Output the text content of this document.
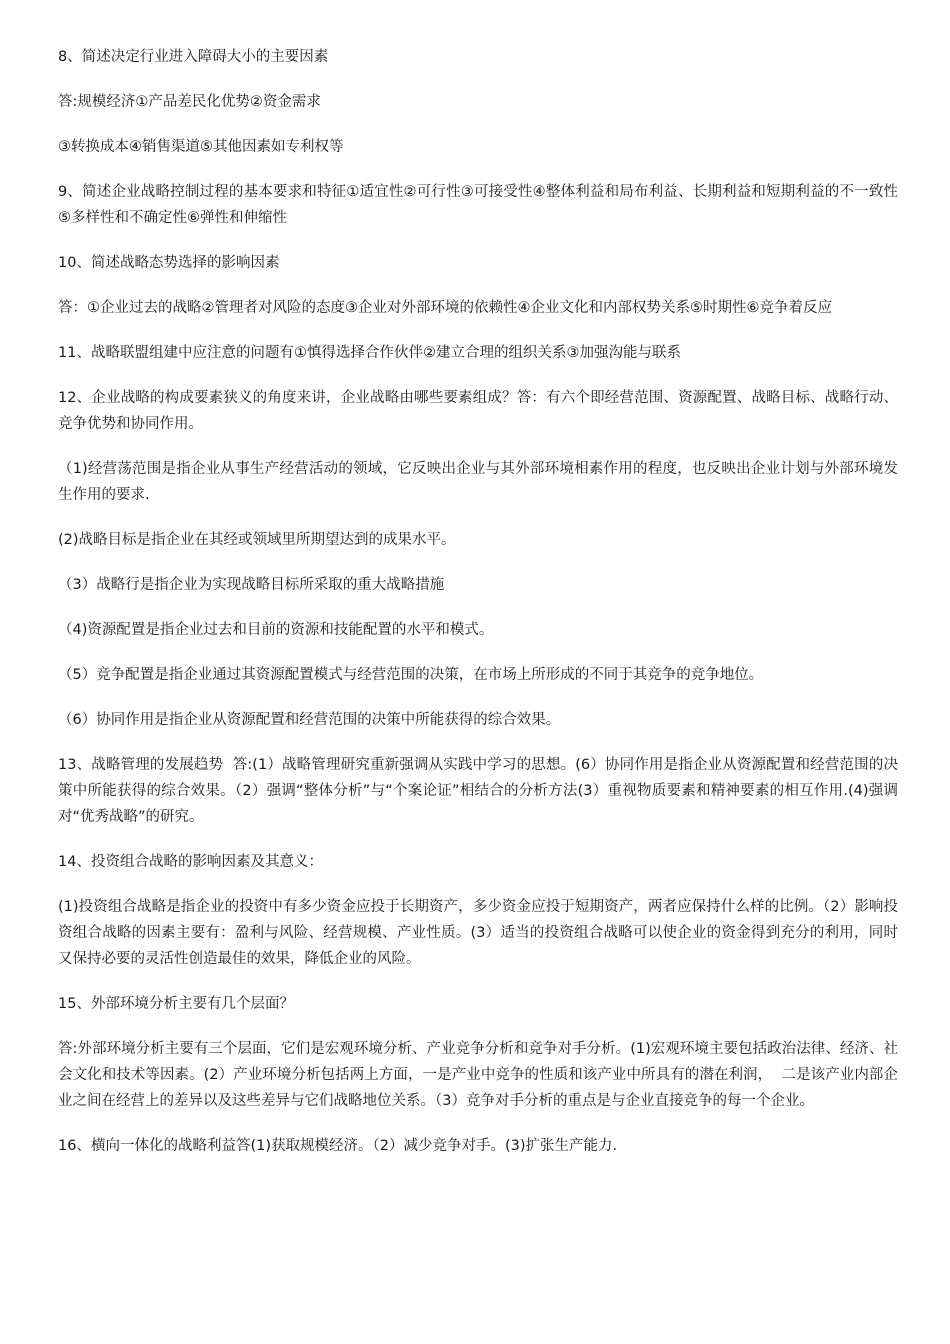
8、简述决定行业进入障碍大小的主要因素

答:规模经济①产品差民化优势②资金需求

③转换成本④销售渠道⑤其他因素如专利权等

9、简述企业战略控制过程的基本要求和特征①适宜性②可行性③可接受性④整体利益和局布利益、长期利益和短期利益的不一致性⑤多样性和不确定性⑥弹性和伸缩性

10、简述战略态势选择的影响因素

答：①企业过去的战略②管理者对风险的态度③企业对外部环境的依赖性④企业文化和内部权势关系⑤时期性⑥竞争着反应

11、战略联盟组建中应注意的问题有①慎得选择合作伙伴②建立合理的组织关系③加强沟能与联系

12、企业战略的构成要素狭义的角度来讲，企业战略由哪些要素组成？答：有六个即经营范围、资源配置、战略目标、战略行动、竞争优势和协同作用。

（1)经营荡范围是指企业从事生产经营活动的领域，它反映出企业与其外部环境相素作用的程度，也反映出企业计划与外部环境发生作用的要求.

(2)战略目标是指企业在其经或领域里所期望达到的成果水平。

（3）战略行是指企业为实现战略目标所采取的重大战略措施

（4)资源配置是指企业过去和目前的资源和技能配置的水平和模式。

（5）竞争配置是指企业通过其资源配置模式与经营范围的决策，在市场上所形成的不同于其竞争的竞争地位。

（6）协同作用是指企业从资源配置和经营范围的决策中所能获得的综合效果。

13、战略管理的发展趋势  答:(1）战略管理研究重新强调从实践中学习的思想。(6）协同作用是指企业从资源配置和经营范围的决策中所能获得的综合效果。（2）强调“整体分析”与“个案论证”相结合的分析方法(3）重视物质要素和精神要素的相互作用.(4)强调对“优秀战略”的研究。

14、投资组合战略的影响因素及其意义：

(1)投资组合战略是指企业的投资中有多少资金应投于长期资产，多少资金应投于短期资产，两者应保持什么样的比例。（2）影响投资组合战略的因素主要有：盈利与风险、经营规模、产业性质。(3）适当的投资组合战略可以使企业的资金得到充分的利用，同时又保持必要的灵活性创造最佳的效果，降低企业的风险。

15、外部环境分析主要有几个层面？

答:外部环境分析主要有三个层面，它们是宏观环境分析、产业竞争分析和竞争对手分析。(1)宏观环境主要包括政治法律、经济、社会文化和技术等因素。(2）产业环境分析包括两上方面，一是产业中竞争的性质和该产业中所具有的潜在利润，  二是该产业内部企业之间在经营上的差异以及这些差异与它们战略地位关系。（3）竞争对手分析的重点是与企业直接竞争的每一个企业。

16、横向一体化的战略利益答(1)获取规模经济。（2）减少竞争对手。(3)扩张生产能力.
